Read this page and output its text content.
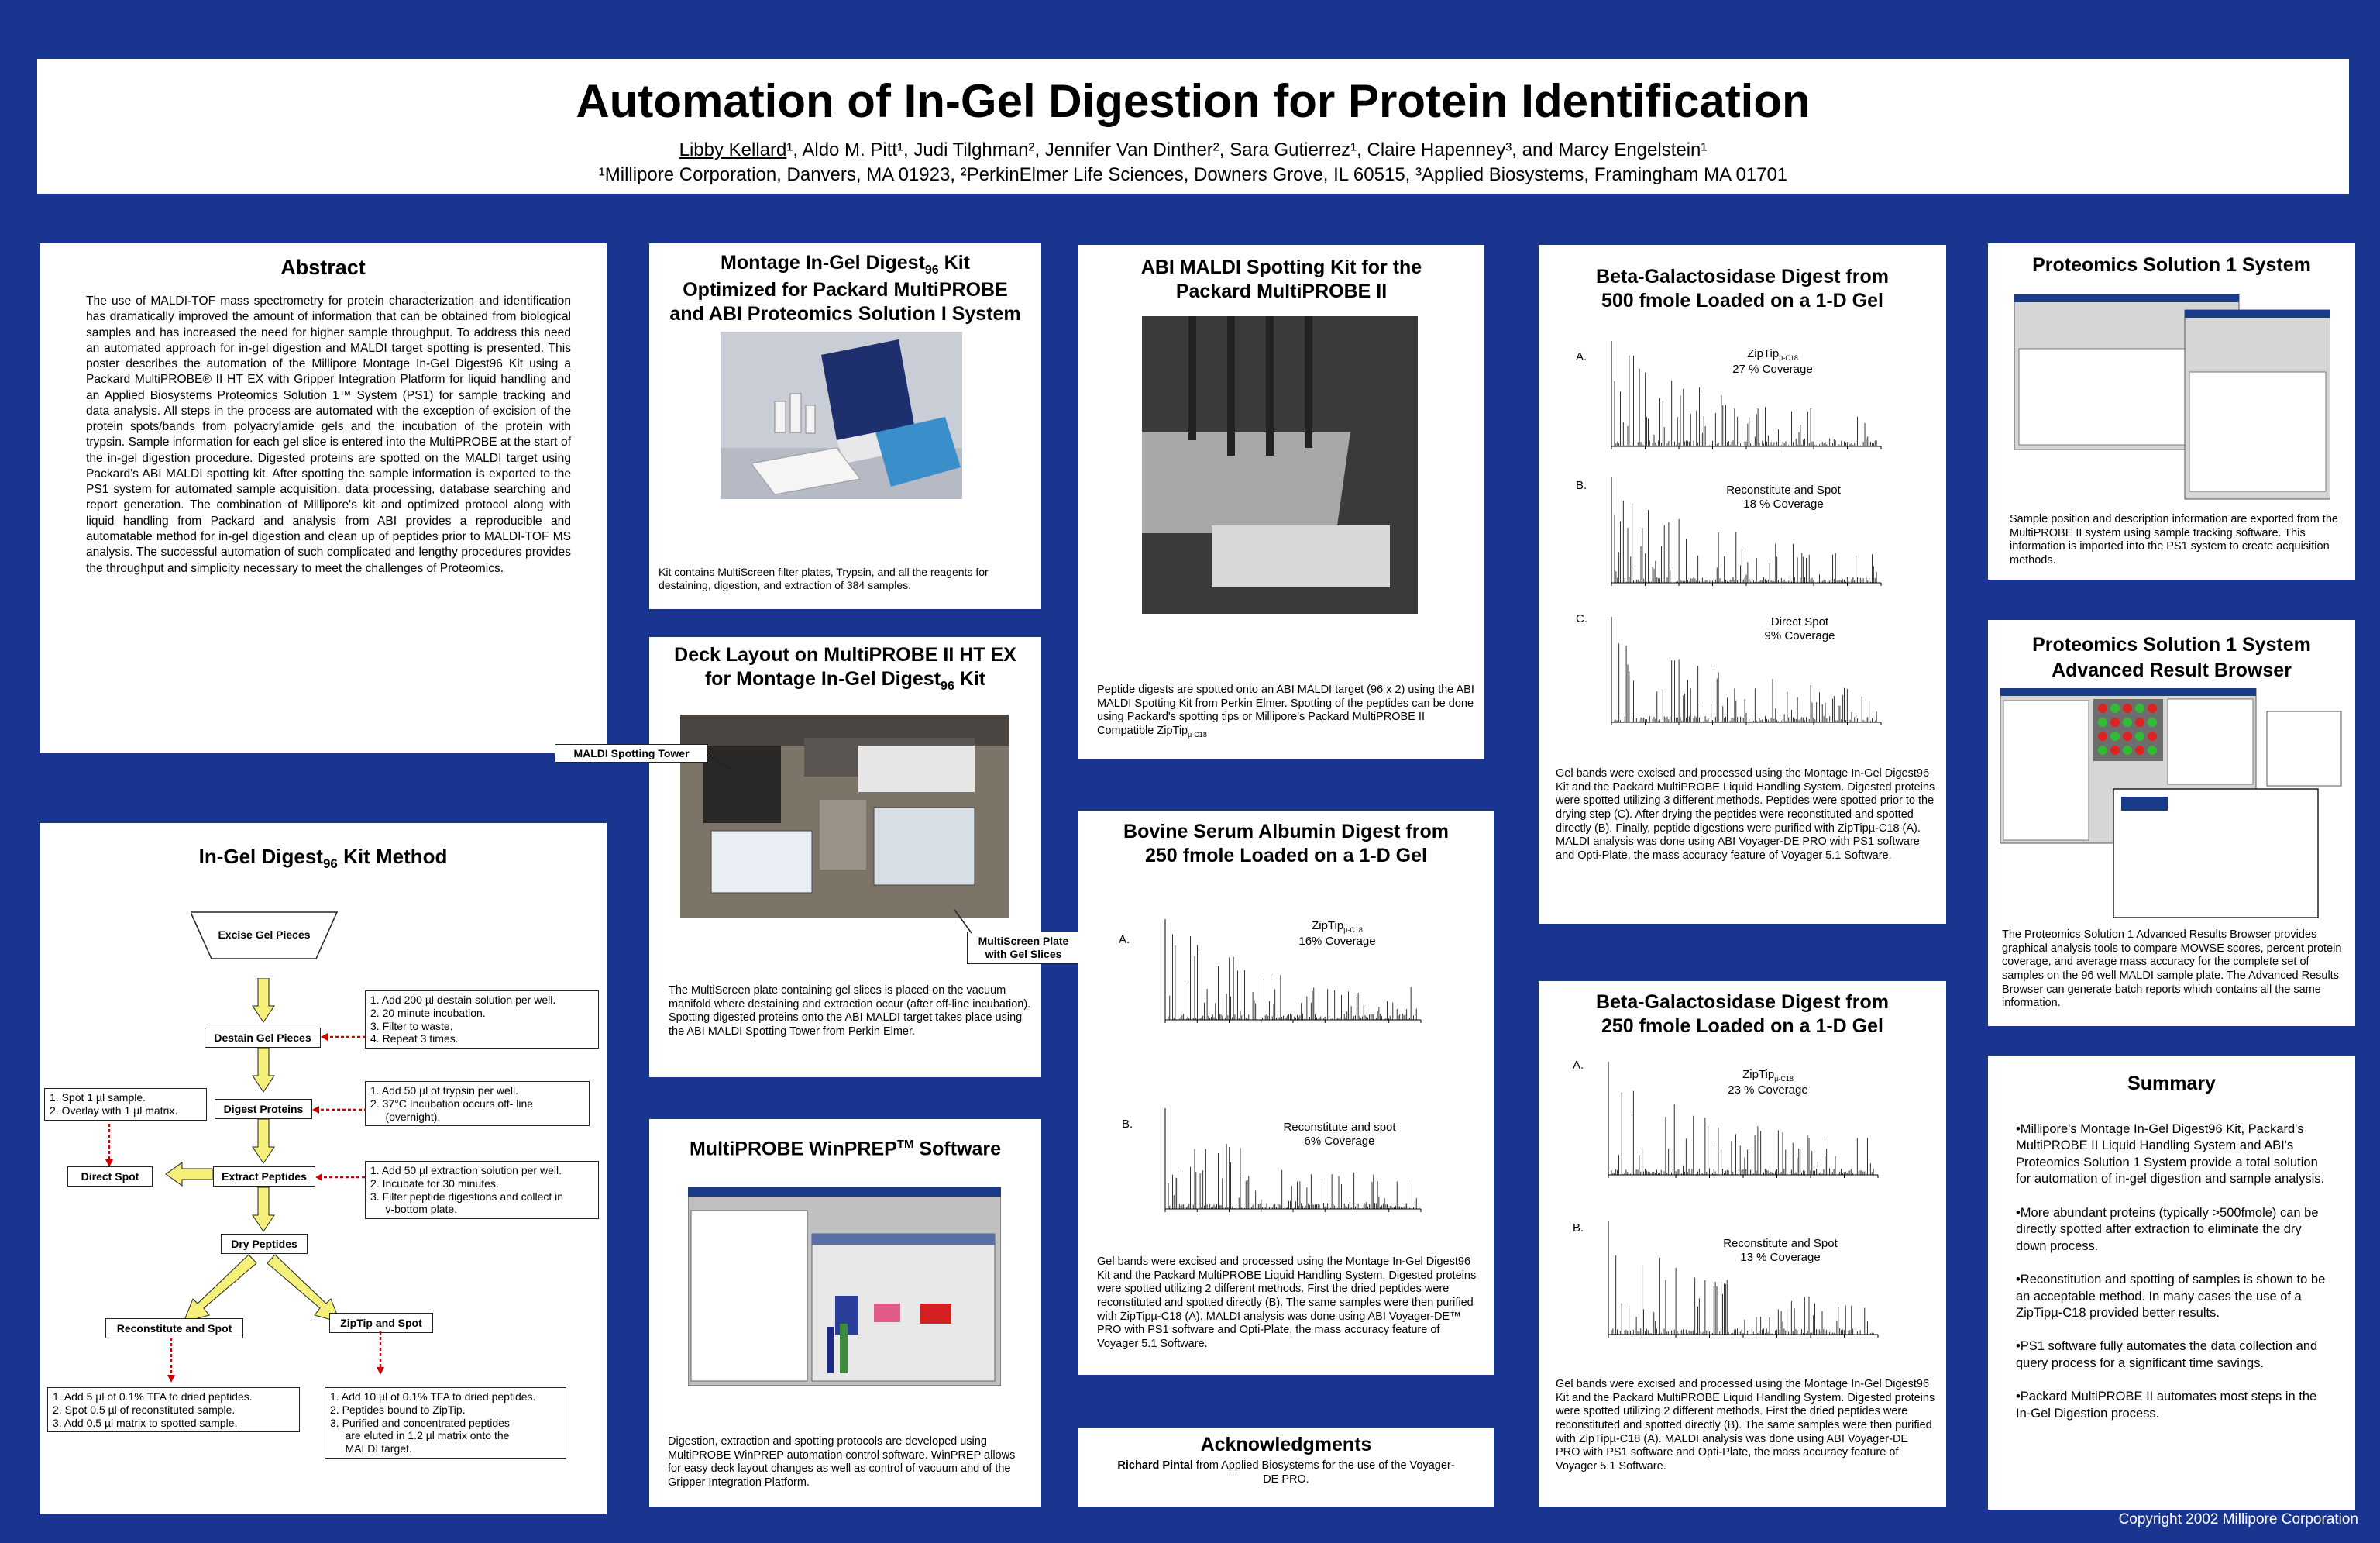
Automation of In-Gel Digestion for Protein Identification
Libby Kellard¹, Aldo M. Pitt¹, Judi Tilghman², Jennifer Van Dinther², Sara Gutierrez¹, Claire Hapenney³, and Marcy Engelstein¹
¹Millipore Corporation, Danvers, MA 01923, ²PerkinElmer Life Sciences, Downers Grove, IL 60515, ³Applied Biosystems, Framingham MA 01701
Abstract
The use of MALDI-TOF mass spectrometry for protein characterization and identification has dramatically improved the amount of information that can be obtained from biological samples and has increased the need for higher sample throughput. To address this need an automated approach for in-gel digestion and MALDI target spotting is presented. This poster describes the automation of the Millipore Montage In-Gel Digest96 Kit using a Packard MultiPROBE® II HT EX with Gripper Integration Platform for liquid handling and an Applied Biosystems Proteomics Solution 1™ System (PS1) for sample tracking and data analysis. All steps in the process are automated with the exception of excision of the protein spots/bands from polyacrylamide gels and the incubation of the protein with trypsin. Sample information for each gel slice is entered into the MultiPROBE at the start of the in-gel digestion procedure. Digested proteins are spotted on the MALDI target using Packard's ABI MALDI spotting kit. After spotting the sample information is exported to the PS1 system for automated sample acquisition, data processing, database searching and report generation. The combination of Millipore's kit and optimized protocol along with liquid handling from Packard and analysis from ABI provides a reproducible and automatable method for in-gel digestion and clean up of peptides prior to MALDI-TOF MS analysis. The successful automation of such complicated and lengthy procedures provides the throughput and simplicity necessary to meet the challenges of Proteomics.
In-Gel Digest$_{96}$ Kit Method
Excise Gel Pieces
Destain Gel Pieces
Digest Proteins
Extract Peptides
Dry Peptides
Direct Spot
Reconstitute and Spot	ZipTip and Spot
1. Add 200 µl destain solution per well.
2. 20 minute incubation.
3. Filter to waste.
4. Repeat 3 times.
1. Add 50 µl of trypsin per well.
2. 37°C Incubation occurs off- line
(overnight).
1. Add 50 µl extraction solution per well.
2. Incubate for 30 minutes.
3. Filter peptide digestions and collect in
v-bottom plate.
1. Spot 1 µl sample.
2. Overlay with 1 µl matrix.
1. Add 5 µl of 0.1% TFA to dried peptides.
2. Spot 0.5 µl of reconstituted sample.
3. Add 0.5 µl matrix to spotted sample.
1. Add 10 µl of 0.1% TFA to dried peptides.
2. Peptides bound to ZipTip.
3. Purified and concentrated peptides
are eluted in 1.2 µl matrix onto the
MALDI target.
Montage In-Gel Digest$_{96}$ Kit
Optimized for Packard MultiPROBE
and ABI Proteomics Solution I System
Kit contains MultiScreen filter plates, Trypsin, and all the reagents for destaining, digestion, and extraction of 384 samples.
Deck Layout on MultiPROBE II HT EX
for Montage In-Gel Digest$_{96}$ Kit
The MultiScreen plate containing gel slices is placed on the vacuum manifold where destaining and extraction occur (after off-line incubation). Spotting digested proteins onto the ABI MALDI target takes place using the ABI MALDI Spotting Tower from Perkin Elmer.
MALDI Spotting Tower
MultiScreen Plate
with Gel Slices
MultiPROBE WinPREP™ Software
Digestion, extraction and spotting protocols are developed using MultiPROBE WinPREP automation control software. WinPREP allows for easy deck layout changes as well as control of vacuum and of the Gripper Integration Platform.
ABI MALDI Spotting Kit for the
Packard MultiPROBE II
Peptide digests are spotted onto an ABI MALDI target (96 x 2) using the ABI MALDI Spotting Kit from Perkin Elmer. Spotting of the peptides can be done using Packard's spotting tips or Millipore's Packard MultiPROBE II Compatible ZipTip$_{\mu-C18}$
Bovine Serum Albumin Digest from
250 fmole Loaded on a 1-D Gel
A.
ZipTip$_{\mu-C18}$
16% Coverage
B.	Reconstitute and spot
6% Coverage
Gel bands were excised and processed using the Montage In-Gel Digest96 Kit and the Packard MultiPROBE Liquid Handling System. Digested proteins were spotted utilizing 2 different methods. First the dried peptides were reconstituted and spotted directly (B). The same samples were then purified with ZipTipµ-C18 (A). MALDI analysis was done using ABI Voyager-DE™ PRO with PS1 software and Opti-Plate, the mass accuracy feature of Voyager 5.1 Software.
Acknowledgments
Richard Pintal from Applied Biosystems for the use of the Voyager-DE PRO.
Beta-Galactosidase Digest from
500 fmole Loaded on a 1-D Gel
A.	ZipTip$_{\mu-C18}$
27 % Coverage
B.	Reconstitute and Spot
18 % Coverage
C.	Direct Spot
9% Coverage
Gel bands were excised and processed using the Montage In-Gel Digest96 Kit and the Packard MultiPROBE Liquid Handling System. Digested proteins were spotted utilizing 3 different methods. Peptides were spotted prior to the drying step (C). After drying the peptides were reconstituted and spotted directly (B). Finally, peptide digestions were purified with ZipTipµ-C18 (A). MALDI analysis was done using ABI Voyager-DE PRO with PS1 software and Opti-Plate, the mass accuracy feature of Voyager 5.1 Software.
Beta-Galactosidase Digest from
250 fmole Loaded on a 1-D Gel
A.
ZipTip$_{\mu-C18}$
23 % Coverage
B.
Reconstitute and Spot
13 % Coverage
Gel bands were excised and processed using the Montage In-Gel Digest96 Kit and the Packard MultiPROBE Liquid Handling System. Digested proteins were spotted utilizing 2 different methods. First the dried peptides were reconstituted and spotted directly (B). The same samples were then purified with ZipTipµ-C18 (A). MALDI analysis was done using ABI Voyager-DE PRO with PS1 software and Opti-Plate, the mass accuracy feature of Voyager 5.1 Software.
Proteomics Solution 1 System
Sample position and description information are exported from the MultiPROBE II system using sample tracking software. This information is imported into the PS1 system to create acquisition methods.
Proteomics Solution 1 System
Advanced Result Browser
The Proteomics Solution 1 Advanced Results Browser provides graphical analysis tools to compare MOWSE scores, percent protein coverage, and average mass accuracy for the complete set of samples on the 96 well MALDI sample plate. The Advanced Results Browser can generate batch reports which contains all the same information.
Summary

•Millipore's Montage In-Gel Digest96 Kit, Packard's MultiPROBE II Liquid Handling System and ABI's Proteomics Solution 1 System provide a total solution for automation of in-gel digestion and sample analysis.

•More abundant proteins (typically >500fmole) can be directly spotted after extraction to eliminate the dry down process.

•Reconstitution and spotting of samples is shown to be an acceptable method. In many cases the use of a ZipTipµ-C18 provided better results.

•PS1 software fully automates the data collection and query process for a significant time savings.

•Packard MultiPROBE II automates most steps in the In-Gel Digestion process.

Copyright 2002 Millipore Corporation
